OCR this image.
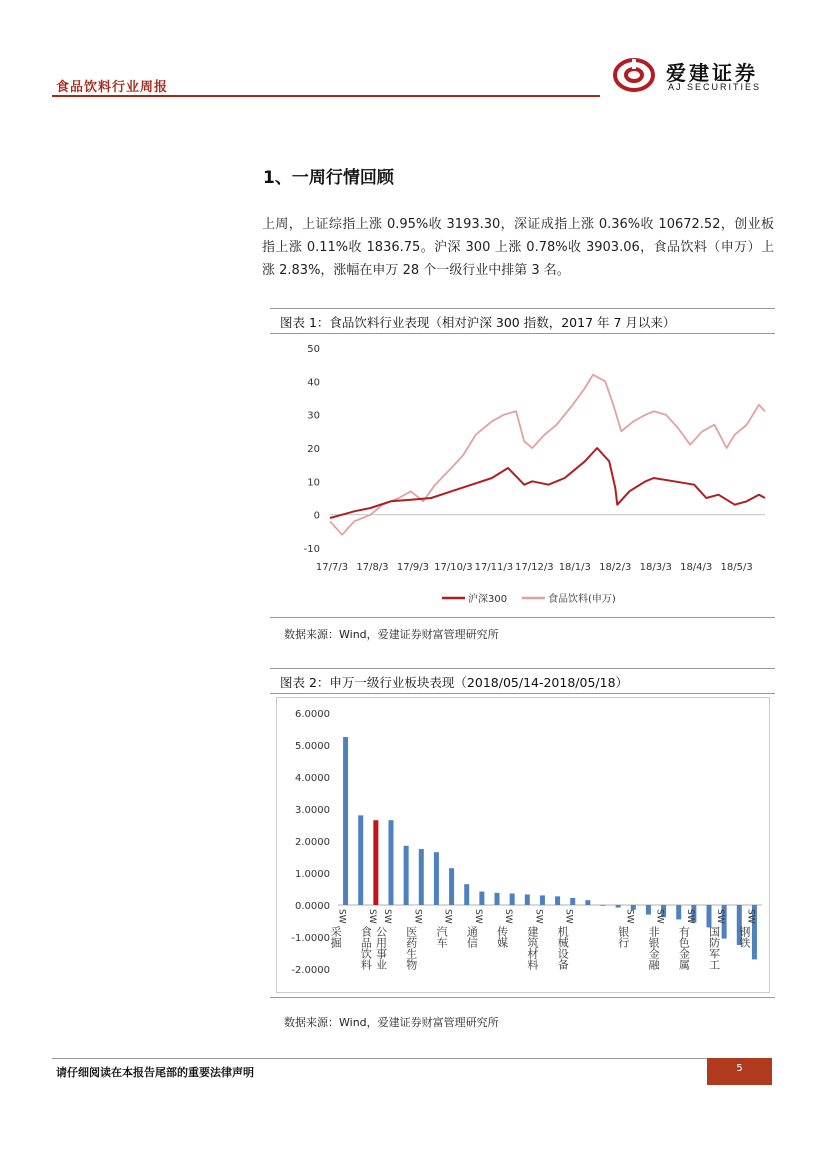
食品饮料行业周报
爱建证券
AJ SECURITIES
1、一周行情回顾
上周，上证综指上涨 0.95%收 3193.30，深证成指上涨 0.36%收 10672.52，创业板指上涨 0.11%收 1836.75。沪深 300 上涨 0.78%收 3903.06，食品饮料（申万）上涨 2.83%，涨幅在申万 28 个一级行业中排第 3 名。
图表 1：食品饮料行业表现（相对沪深 300 指数，2017 年 7 月以来）
-10
0
10
20
30
40
50
17/7/3 17/8/3 17/9/3 17/10/3 17/11/3 17/12/3 18/1/3 18/2/3 18/3/3 18/4/3 18/5/3
沪深300	食品饮料(申万)
数据来源：Wind，爱建证券财富管理研究所
图表 2：申万一级行业板块表现（2018/05/14-2018/05/18）
6.0000
5.0000
4.0000
3.0000
2.0000
1.0000
0.0000
-1.0000
-2.0000
SW
采掘
SW
食品饮料
SW
公用事业
SW
医药生物
SW
汽车
SW
通信
SW
传媒
SW
建筑材料
SW
机械设备
SW
银行
SW
非银金融
SW
有色金属
SW
国防军工
SW
钢铁
数据来源：Wind，爱建证券财富管理研究所
请仔细阅读在本报告尾部的重要法律声明	5
